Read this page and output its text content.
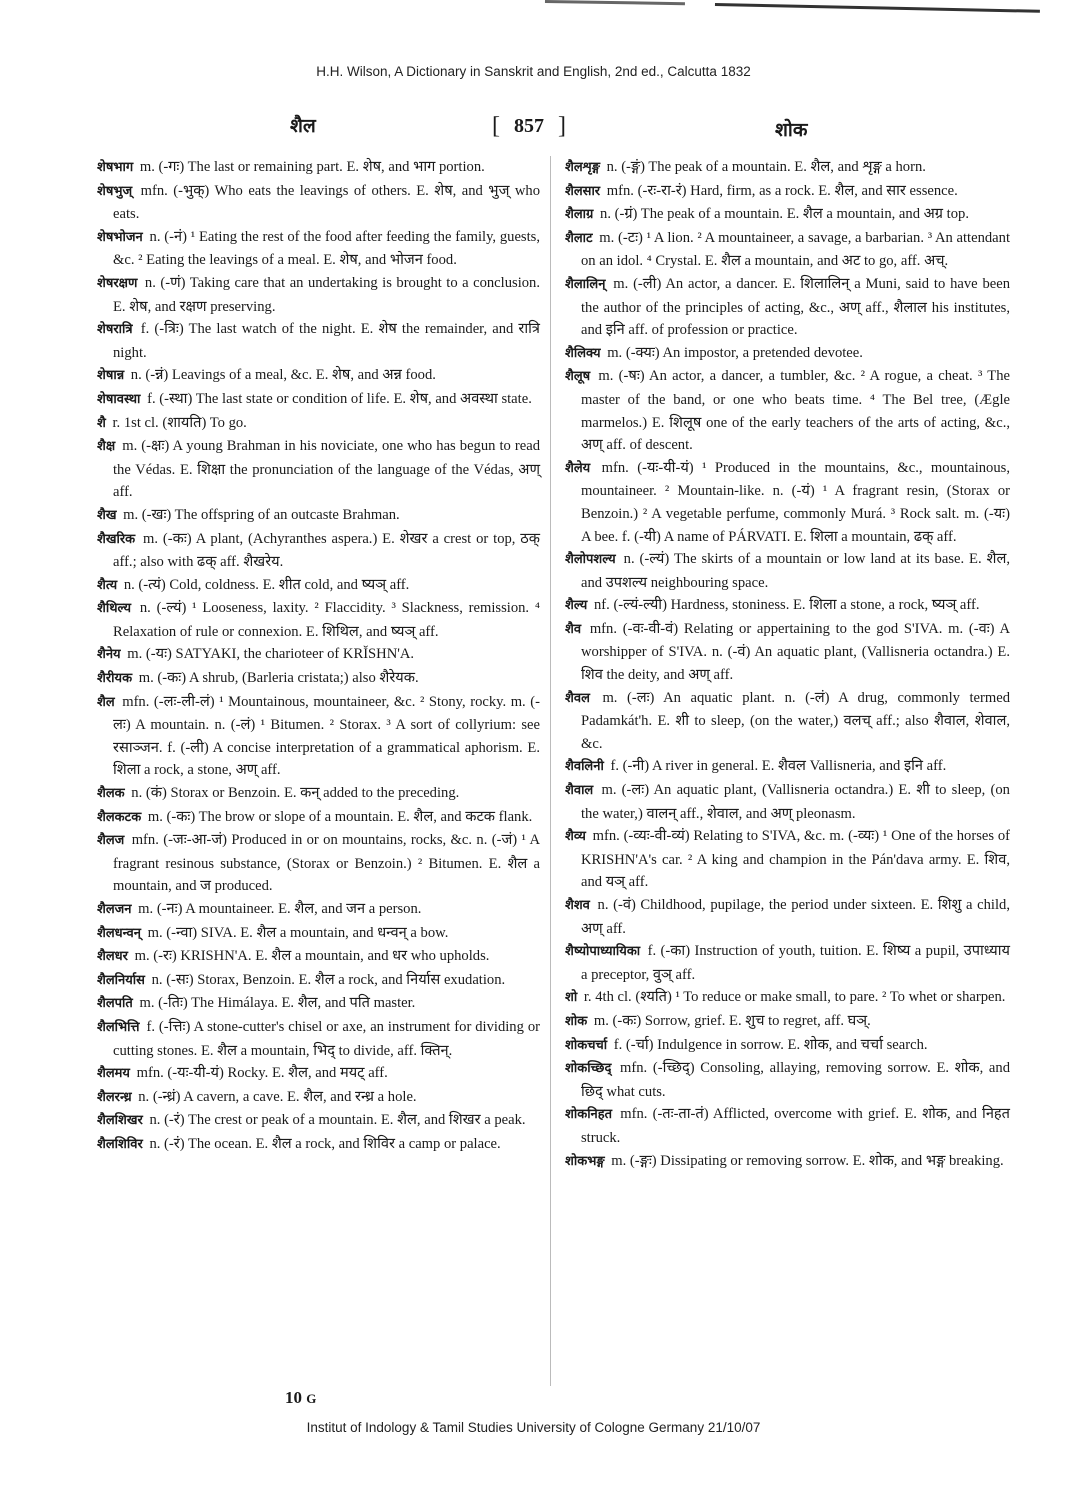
H.H. Wilson, A Dictionary in Sanskrit and English, 2nd ed., Calcutta 1832
शैल	[ 857 ]	शोक

शेषभाग m. (-गः) The last or remaining part. E. शेष, and भाग portion.

शेषभुज् mfn. (-भुक्) Who eats the leavings of others. E. शेष, and भुज् who eats.

शेषभोजन n. (-नं) ¹ Eating the rest of the food after feeding the family, guests, &c. ² Eating the leavings of a meal. E. शेष, and भोजन food.

शेषरक्षण n. (-णं) Taking care that an undertaking is brought to a conclusion. E. शेष, and रक्षण preserving.

शेषरात्रि f. (-त्रिः) The last watch of the night. E. शेष the remainder, and रात्रि night.

शेषान्न n. (-न्नं) Leavings of a meal, &c. E. शेष, and अन्न food.

शेषावस्था f. (-स्था) The last state or condition of life. E. शेष, and अवस्था state.

शै r. 1st cl. (शायति) To go.

शैक्ष m. (-क्षः) A young Brahman in his noviciate, one who has begun to read the Védas. E. शिक्षा the pronunciation of the language of the Védas, अण् aff.

शैख m. (-खः) The offspring of an outcaste Brahman.

शैखरिक m. (-कः) A plant, (Achyranthes aspera.) E. शेखर a crest or top, ठक् aff.; also with ढक् aff. शैखरेय.

शैत्य n. (-त्यं) Cold, coldness. E. शीत cold, and ष्यञ् aff.

शैथिल्य n. (-ल्यं) ¹ Looseness, laxity. ² Flaccidity. ³ Slackness, remission. ⁴ Relaxation of rule or connexion. E. शिथिल, and ष्यञ् aff.

शैनेय m. (-यः) SATYAKI, the charioteer of KRĬSHN'A.

शैरीयक m. (-कः) A shrub, (Barleria cristata;) also शैरेयक.

शैल mfn. (-लः-ली-लं) ¹ Mountainous, mountaineer, &c. ² Stony, rocky. m. (-लः) A mountain. n. (-लं) ¹ Bitumen. ² Storax. ³ A sort of collyrium: see रसाञ्जन. f. (-ली) A concise interpretation of a grammatical aphorism. E. शिला a rock, a stone, अण् aff.

शैलक n. (कं) Storax or Benzoin. E. कन् added to the preceding.

शैलकटक m. (-कः) The brow or slope of a mountain. E. शैल, and कटक flank.

शैलज mfn. (-जः-आ-जं) Produced in or on mountains, rocks, &c. n. (-जं) ¹ A fragrant resinous substance, (Storax or Benzoin.) ² Bitumen. E. शैल a mountain, and ज produced.

शैलजन m. (-नः) A mountaineer. E. शैल, and जन a person.

शैलधन्वन् m. (-न्वा) SIVA. E. शैल a mountain, and धन्वन् a bow.

शैलधर m. (-रः) KRISHN'A. E. शैल a mountain, and धर who upholds.

शैलनिर्यास n. (-सः) Storax, Benzoin. E. शैल a rock, and निर्यास exudation.

शैलपति m. (-तिः) The Himálaya. E. शैल, and पति master.

शैलभित्ति f. (-त्तिः) A stone-cutter's chisel or axe, an instrument for dividing or cutting stones. E. शैल a mountain, भिद् to divide, aff. क्तिन्.

शैलमय mfn. (-यः-यी-यं) Rocky. E. शैल, and मयट् aff.

शैलरन्ध्र n. (-न्ध्रं) A cavern, a cave. E. शैल, and रन्ध्र a hole.

शैलशिखर n. (-रं) The crest or peak of a mountain. E. शैल, and शिखर a peak.

शैलशिविर n. (-रं) The ocean. E. शैल a rock, and शिविर a camp or palace.

शैलशृङ्ग n. (-ङ्गं) The peak of a mountain. E. शैल, and शृङ्ग a horn.

शैलसार mfn. (-रः-रा-रं) Hard, firm, as a rock. E. शैल, and सार essence.

शैलाग्र n. (-ग्रं) The peak of a mountain. E. शैल a mountain, and अग्र top.

शैलाट m. (-टः) ¹ A lion. ² A mountaineer, a savage, a barbarian. ³ An attendant on an idol. ⁴ Crystal. E. शैल a mountain, and अट to go, aff. अच्.

शैलालिन् m. (-ली) An actor, a dancer. E. शिलालिन् a Muni, said to have been the author of the principles of acting, &c., अण् aff., शैलाल his institutes, and इनि aff. of profession or practice.

शैलिक्य m. (-क्यः) An impostor, a pretended devotee.

शैलूष m. (-षः) An actor, a dancer, a tumbler, &c. ² A rogue, a cheat. ³ The master of the band, or one who beats time. ⁴ The Bel tree, (Ægle marmelos.) E. शिलूष one of the early teachers of the arts of acting, &c., अण् aff. of descent.

शैलेय mfn. (-यः-यी-यं) ¹ Produced in the mountains, &c., mountainous, mountaineer. ² Mountain-like. n. (-यं) ¹ A fragrant resin, (Storax or Benzoin.) ² A vegetable perfume, commonly Murá. ³ Rock salt. m. (-यः) A bee. f. (-यी) A name of PÁRVATI. E. शिला a mountain, ढक् aff.

शैलोपशल्य n. (-ल्यं) The skirts of a mountain or low land at its base. E. शैल, and उपशल्य neighbouring space.

शैल्य nf. (-ल्यं-ल्यी) Hardness, stoniness. E. शिला a stone, a rock, ष्यञ् aff.

शैव mfn. (-वः-वी-वं) Relating or appertaining to the god S'IVA. m. (-वः) A worshipper of S'IVA. n. (-वं) An aquatic plant, (Vallisneria octandra.) E. शिव the deity, and अण् aff.

शैवल m. (-लः) An aquatic plant. n. (-लं) A drug, commonly termed Padamkát'h. E. शी to sleep, (on the water,) वलच् aff.; also शैवाल, शेवाल, &c.

शैवलिनी f. (-नी) A river in general. E. शैवल Vallisneria, and इनि aff.

शैवाल m. (-लः) An aquatic plant, (Vallisneria octandra.) E. शी to sleep, (on the water,) वालन् aff., शेवाल, and अण् pleonasm.

शैव्य mfn. (-व्यः-वी-व्यं) Relating to S'IVA, &c. m. (-व्यः) ¹ One of the horses of KRISHN'A's car. ² A king and champion in the Pán'dava army. E. शिव, and यञ् aff.

शैशव n. (-वं) Childhood, pupilage, the period under sixteen. E. शिशु a child, अण् aff.

शैष्योपाध्यायिका f. (-का) Instruction of youth, tuition. E. शिष्य a pupil, उपाध्याय a preceptor, वुञ् aff.

शो r. 4th cl. (श्यति) ¹ To reduce or make small, to pare. ² To whet or sharpen.

शोक m. (-कः) Sorrow, grief. E. शुच to regret, aff. घञ्.

शोकचर्चा f. (-र्चा) Indulgence in sorrow. E. शोक, and चर्चा search.

शोकच्छिद् mfn. (-च्छिद्) Consoling, allaying, removing sorrow. E. शोक, and छिद् what cuts.

शोकनिहत mfn. (-तः-ता-तं) Afflicted, overcome with grief. E. शोक, and निहत struck.

शोकभङ्ग m. (-ङ्गः) Dissipating or removing sorrow. E. शोक, and भङ्ग breaking.

10 G
Institut of Indology & Tamil Studies University of Cologne Germany 21/10/07
